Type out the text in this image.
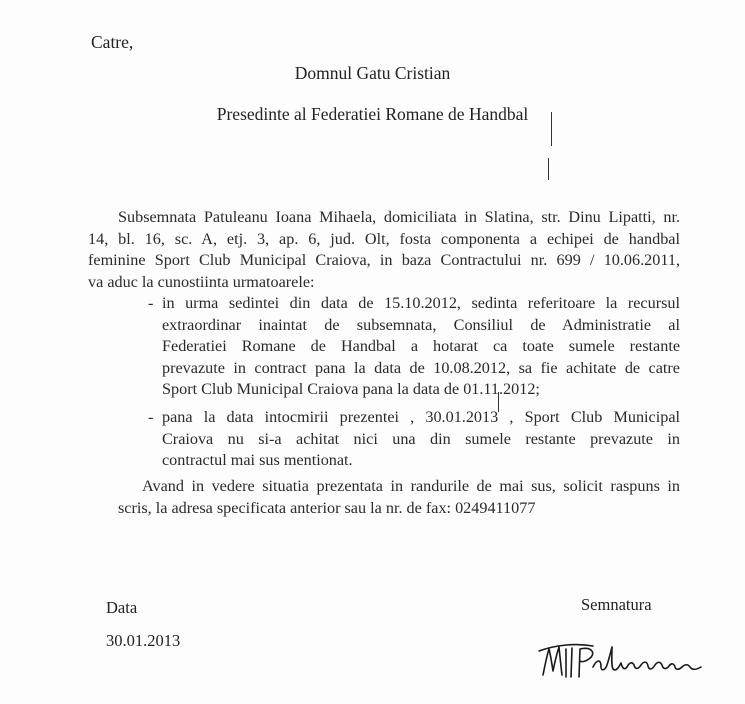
Catre,
Domnul Gatu Cristian
Presedinte al Federatiei Romane de Handbal
Subsemnata Patuleanu Ioana Mihaela, domiciliata in Slatina, str. Dinu Lipatti, nr.
14, bl. 16, sc. A, etj. 3, ap. 6, jud. Olt, fosta componenta a echipei de handbal
feminine Sport Club Municipal Craiova, in baza Contractului nr. 699 / 10.06.2011,
va aduc la cunostiinta urmatoarele:
- in urma sedintei din data de 15.10.2012, sedinta referitoare la recursul
extraordinar inaintat de subsemnata, Consiliul de Administratie al
Federatiei Romane de Handbal a hotarat ca toate sumele restante
prevazute in contract pana la data de 10.08.2012, sa fie achitate de catre
Sport Club Municipal Craiova pana la data de 01.11.2012;
- pana la data intocmirii prezentei , 30.01.2013 , Sport Club Municipal
Craiova nu si-a achitat nici una din sumele restante prevazute in
contractul mai sus mentionat.
Avand in vedere situatia prezentata in randurile de mai sus, solicit raspuns in
scris, la adresa specificata anterior sau la nr. de fax: 0249411077
Data
30.01.2013
Semnatura
